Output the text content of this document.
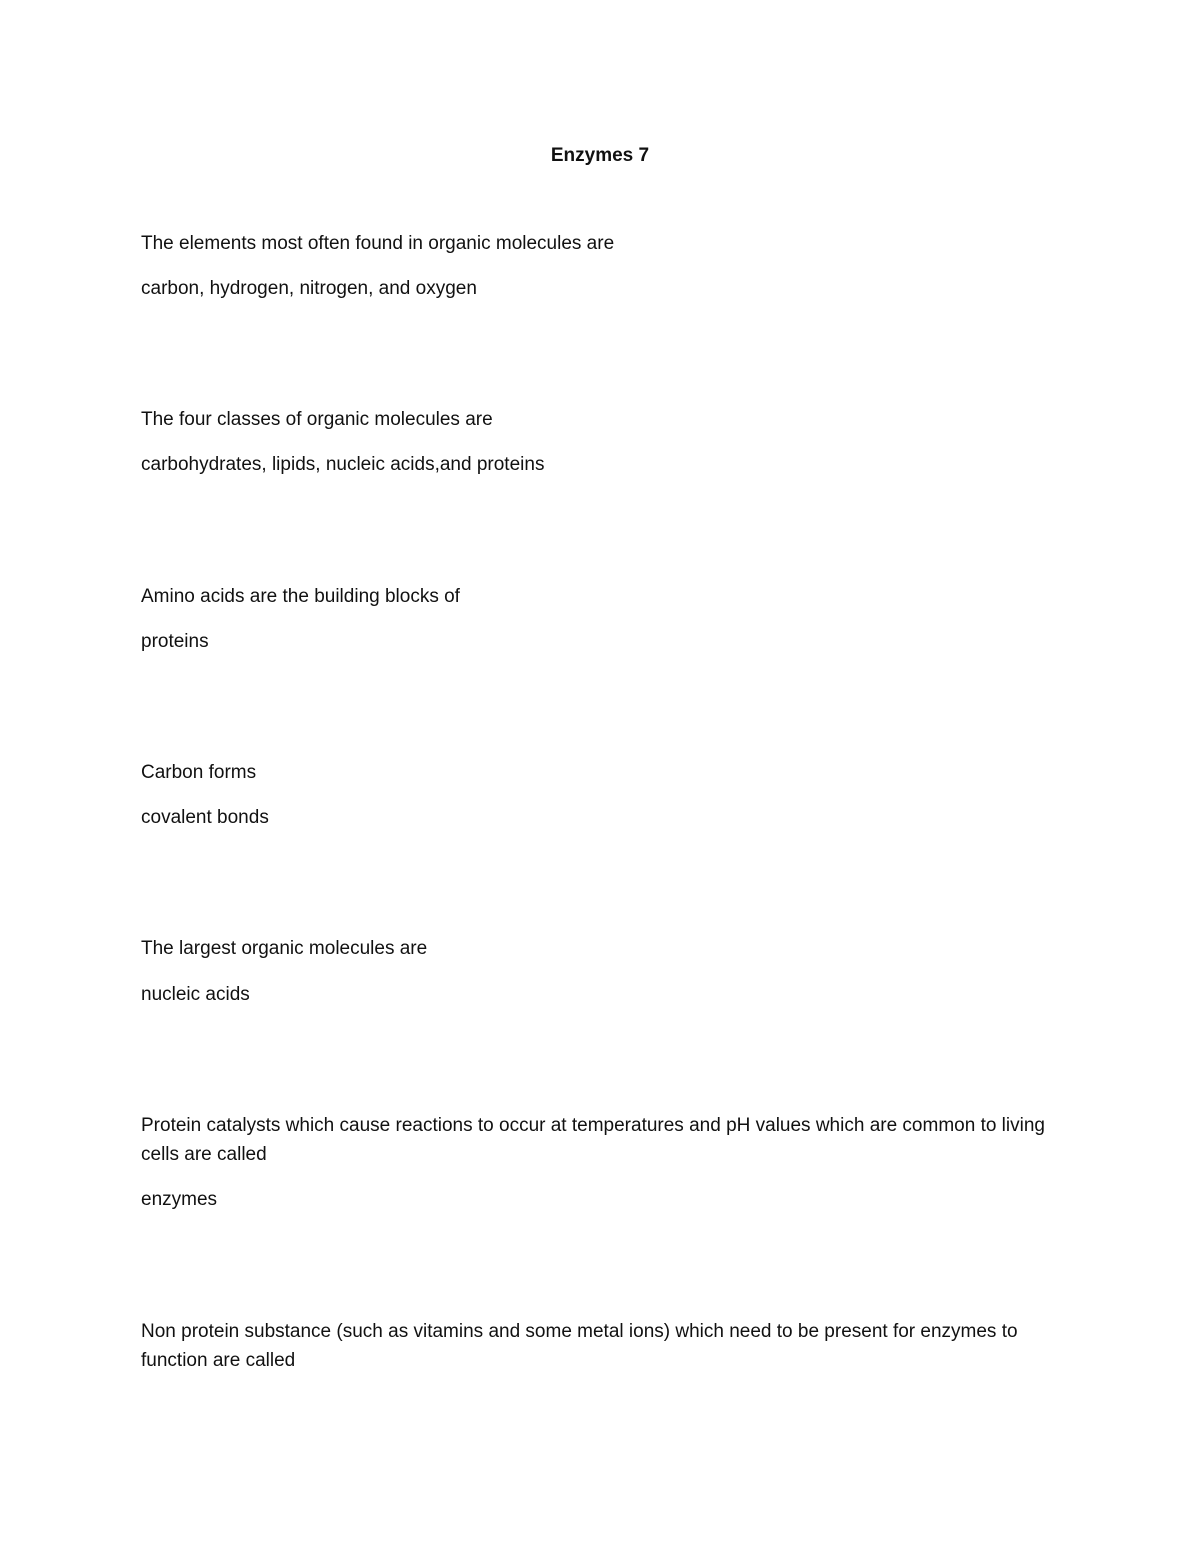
Enzymes 7
The elements most often found in organic molecules are
carbon, hydrogen, nitrogen, and oxygen
The four classes of organic molecules are
carbohydrates, lipids, nucleic acids,and proteins
Amino acids are the building blocks of
proteins
Carbon forms
covalent bonds
The largest organic molecules are
nucleic acids
Protein catalysts which cause reactions to occur at temperatures and pH values which are common to living cells are called
enzymes
Non protein substance (such as vitamins and some metal ions) which need to be present for enzymes to function are called
